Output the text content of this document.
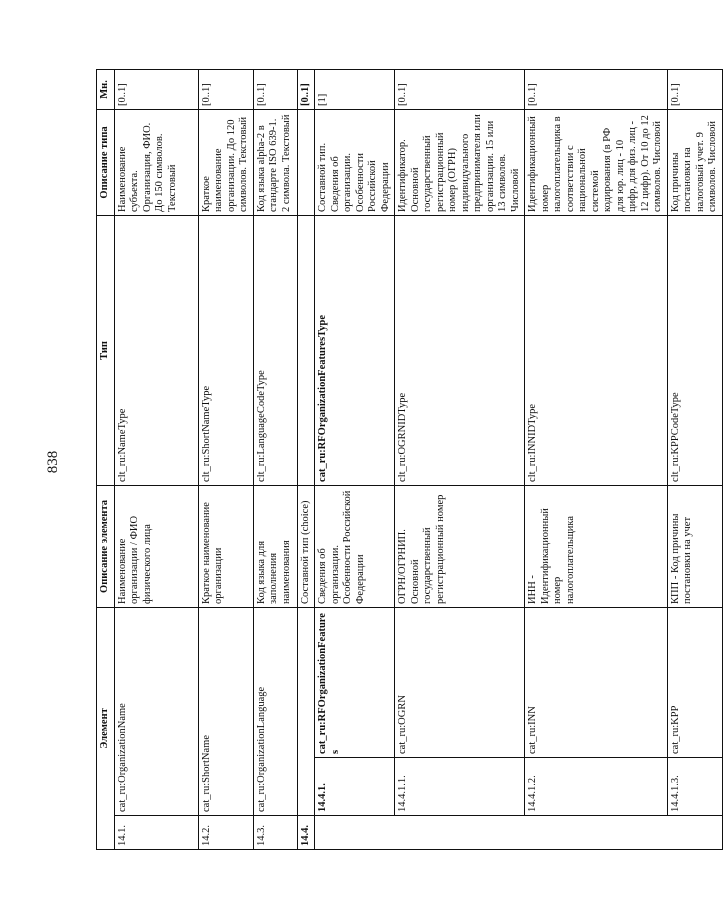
838
Элемент			Описание элемента	Тип	Описание типа	Мн.
14.1.	cat_ru:OrganizationName		Наименование организации / ФИО физического лица	clt_ru:NameType	Наименование субъекта. Организация, ФИО. До 150 символов. Текстовый	[0..1]
14.2.	cat_ru:ShortName		Краткое наименование организации	clt_ru:ShortNameType	Краткое наименование организации. До 120 символов. Текстовый	[0..1]
14.3.	cat_ru:OrganizationLanguage		Код языка для заполнения наименования	clt_ru:LanguageCodeType	Код языка alpha-2 в стандарте ISO 639-1. 2 символа. Текстовый	[0..1]
14.4.			Составной тип (choice)			[0..1]
	14.4.1.	cat_ru:RFOrganizationFeatures	Сведения об организации. Особенности Российской Федерации	cat_ru:RFOrganizationFeaturesType	Составной тип. Сведения об организации. Особенности Российской Федерации	[1]
	14.4.1.1.	cat_ru:OGRN	ОГРН/ОГРНИП. Основной государственный регистрационный номер	clt_ru:OGRNIDType	Идентификатор. Основной государственный регистрационный номер (ОГРН) индивидуального предпринимателя или организации. 15 или 13 символов. Числовой	[0..1]
	14.4.1.2.	cat_ru:INN	ИНН - Идентификационный номер налогоплательщика	clt_ru:INNIDType	Идентификационный номер налогоплательщика в соответствии с национальной системой кодирования (в РФ для юр. лиц - 10 цифр, для физ. лиц - 12 цифр). От 10 до 12 символов. Числовой	[0..1]
	14.4.1.3.	cat_ru:KPP	КПП - Код причины постановки на учет	clt_ru:KPPCodeType	Код причины постановки на налоговый учет. 9 символов. Числовой	[0..1]
